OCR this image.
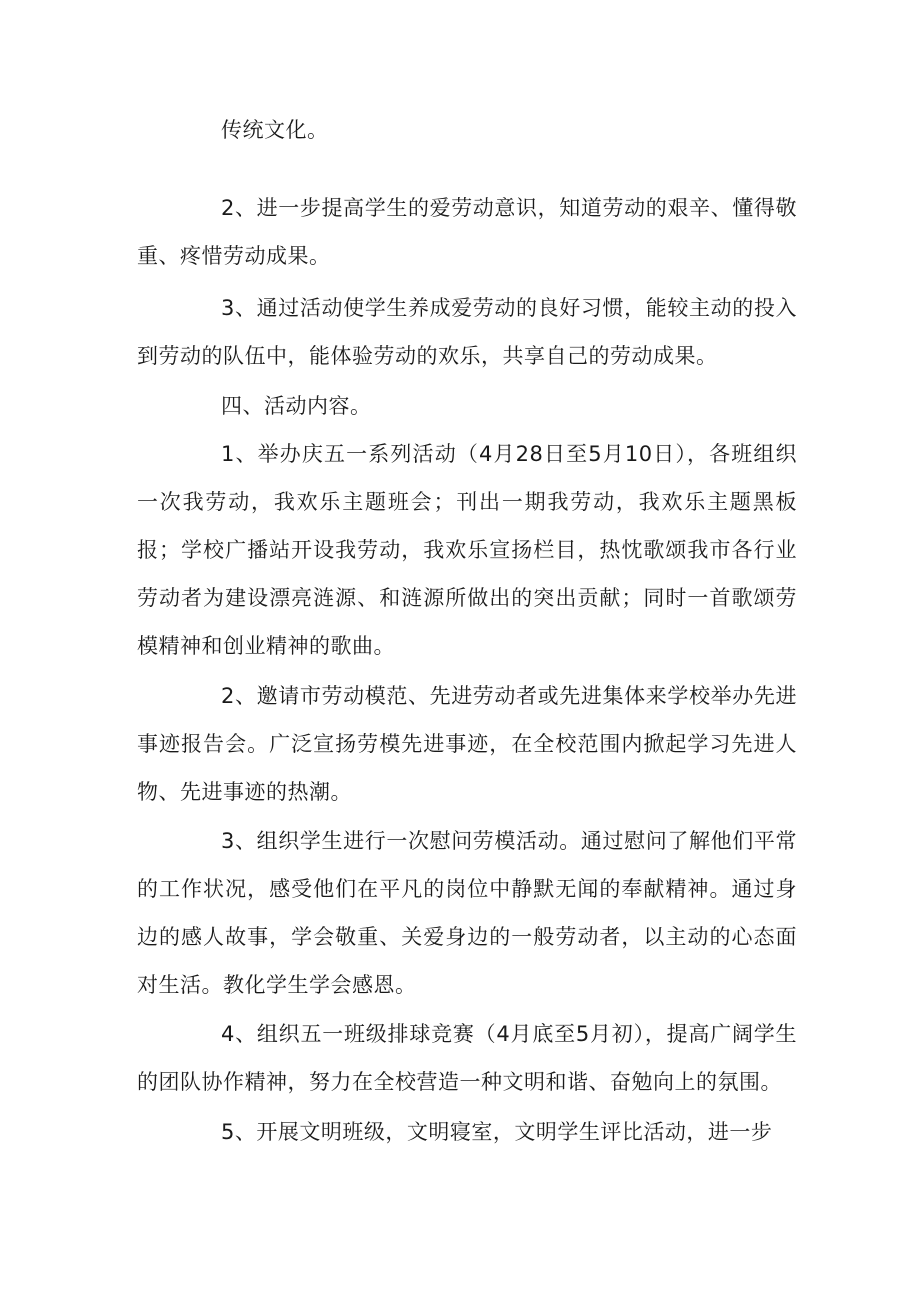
传统文化。

2、进一步提高学生的爱劳动意识，知道劳动的艰辛、懂得敬重、疼惜劳动成果。

3、通过活动使学生养成爱劳动的良好习惯，能较主动的投入到劳动的队伍中，能体验劳动的欢乐，共享自己的劳动成果。

四、活动内容。

1、举办庆五一系列活动（4月28日至5月10日），各班组织一次我劳动，我欢乐主题班会；刊出一期我劳动，我欢乐主题黑板报；学校广播站开设我劳动，我欢乐宣扬栏目，热忱歌颂我市各行业劳动者为建设漂亮涟源、和涟源所做出的突出贡献；同时一首歌颂劳模精神和创业精神的歌曲。

2、邀请市劳动模范、先进劳动者或先进集体来学校举办先进事迹报告会。广泛宣扬劳模先进事迹，在全校范围内掀起学习先进人物、先进事迹的热潮。

3、组织学生进行一次慰问劳模活动。通过慰问了解他们平常的工作状况，感受他们在平凡的岗位中静默无闻的奉献精神。通过身边的感人故事，学会敬重、关爱身边的一般劳动者，以主动的心态面对生活。教化学生学会感恩。

4、组织五一班级排球竞赛（4月底至5月初），提高广阔学生的团队协作精神，努力在全校营造一种文明和谐、奋勉向上的氛围。

5、开展文明班级，文明寝室，文明学生评比活动，进一步
